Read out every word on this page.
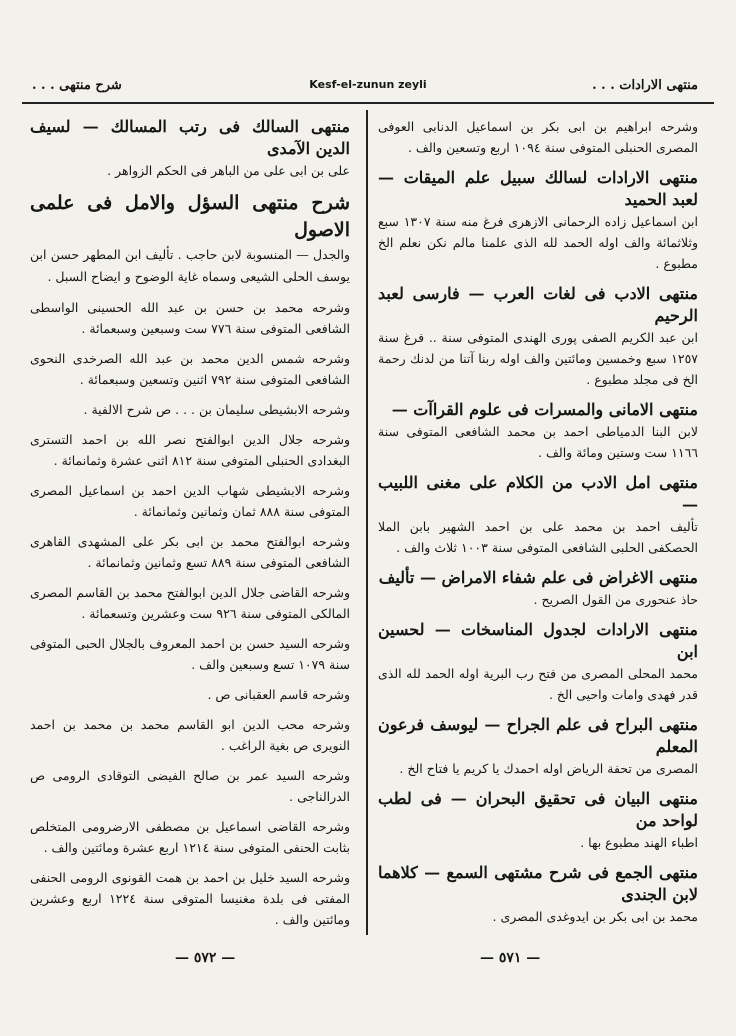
منتهى الارادات . . .
Kesf-el-zunun zeyli
شرح منتهى . . .
وشرحه ابراهيم بن ابى بكر بن اسماعيل الدنابى العوفى المصرى الحنبلى المتوفى سنة ١٠٩٤ اربع وتسعين والف .
منتهى الارادات لسالك سبيل علم الميقات — لعبد الحميد
ابن اسماعيل زاده الرحمانى الازهرى فرغ منه سنة ١٣٠٧ سبع وثلاثمائة والف اوله الحمد لله الذى علمنا مالم نكن نعلم الخ مطبوع .
منتهى الادب فى لغات العرب — فارسى لعبد الرحيم
ابن عبد الكريم الصفى پورى الهندى المتوفى سنة .. فرغ سنة ١٢٥٧ سبع وخمسين ومائتين والف اوله ربنا آتنا من لدنك رحمة الخ فى مجلد مطبوع .
منتهى الامانى والمسرات فى علوم القراآت —
لابن البنا الدمياطى احمد بن محمد الشافعى المتوفى سنة ١١٦٦ ست وستين ومائة والف .
منتهى امل الادب من الكلام على مغنى اللبيب —
تأليف احمد بن محمد على بن احمد الشهير بابن الملا الحصكفى الحلبى الشافعى المتوفى سنة ١٠٠٣ ثلاث والف .
منتهى الاغراض فى علم شفاء الامراض — تأليف
حاذ عنحورى من القول الصريح .
منتهى الارادات لجدول المناسخات — لحسين ابن
محمد المحلى المصرى من فتح رب البرية اوله الحمد لله الذى قدر فهدى وامات واحيى الخ .
منتهى البراح فى علم الجراح — ليوسف فرعون المعلم
المصرى من تحفة الرياض اوله احمدك يا كريم يا فتاح الخ .
منتهى البيان فى تحقيق البحران — فى لطب لواحد من
اطباء الهند مطبوع بها .
منتهى الجمع فى شرح مشتهى السمع — كلاهما لابن الجندى
محمد بن ابى بكر بن ايدوغدى المصرى .
منتهى السالك فى رتب المسالك — لسيف الدين الآمدى
على بن ابى على من الباهر فى الحكم الزواهر .
شرح منتهى السؤل والامل فى علمى الاصول
والجدل — المنسوبة لابن حاجب . تأليف ابن المطهر حسن ابن يوسف الحلى الشيعى وسماه غاية الوضوح و ايضاح السبل .
وشرحه محمد بن حسن بن عبد الله الحسينى الواسطى الشافعى المتوفى سنة ٧٧٦ ست وسبعين وسبعمائة .
وشرحه شمس الدين محمد بن عبد الله الصرخدى النحوى الشافعى المتوفى سنة ٧٩٢ اثنين وتسعين وسبعمائة .
وشرحه الابشيطى سليمان بن . . . ص شرح الالفية .
وشرحه جلال الدين ابوالفتح نصر الله بن احمد التسترى البغدادى الحنبلى المتوفى سنة ٨١٢ اثنى عشرة وثمانمائة .
وشرحه الابشيطى شهاب الدين احمد بن اسماعيل المصرى المتوفى سنة ٨٨٨ ثمان وثمانين وثمانمائة .
وشرحه ابوالفتح محمد بن ابى بكر على المشهدى القاهرى الشافعى المتوفى سنة ٨٨٩ تسع وثمانين وثمانمائة .
وشرحه القاضى جلال الدين ابوالفتح محمد بن القاسم المصرى المالكى المتوفى سنة ٩٢٦ ست وعشرين وتسعمائة .
وشرحه السيد حسن بن احمد المعروف بالجلال الحبى المتوفى سنة ١٠٧٩ تسع وسبعين والف .
وشرحه قاسم العقبانى ص .
وشرحه محب الدين ابو القاسم محمد بن محمد بن احمد النويرى ص بغية الراغب .
وشرحه السيد عمر بن صالح الفيضى التوقادى الرومى ص الدرالناجى .
وشرحه القاضى اسماعيل بن مصطفى الارضرومى المتخلص بثابت الحنفى المتوفى سنة ١٢١٤ اربع عشرة ومائتين والف .
وشرحه السيد خليل بن احمد بن همت القونوى الرومى الحنفى المفتى فى بلدة مغنيسا المتوفى سنة ١٢٢٤ اربع وعشرين ومائتين والف .
— ٥٧١ —
— ٥٧٢ —
